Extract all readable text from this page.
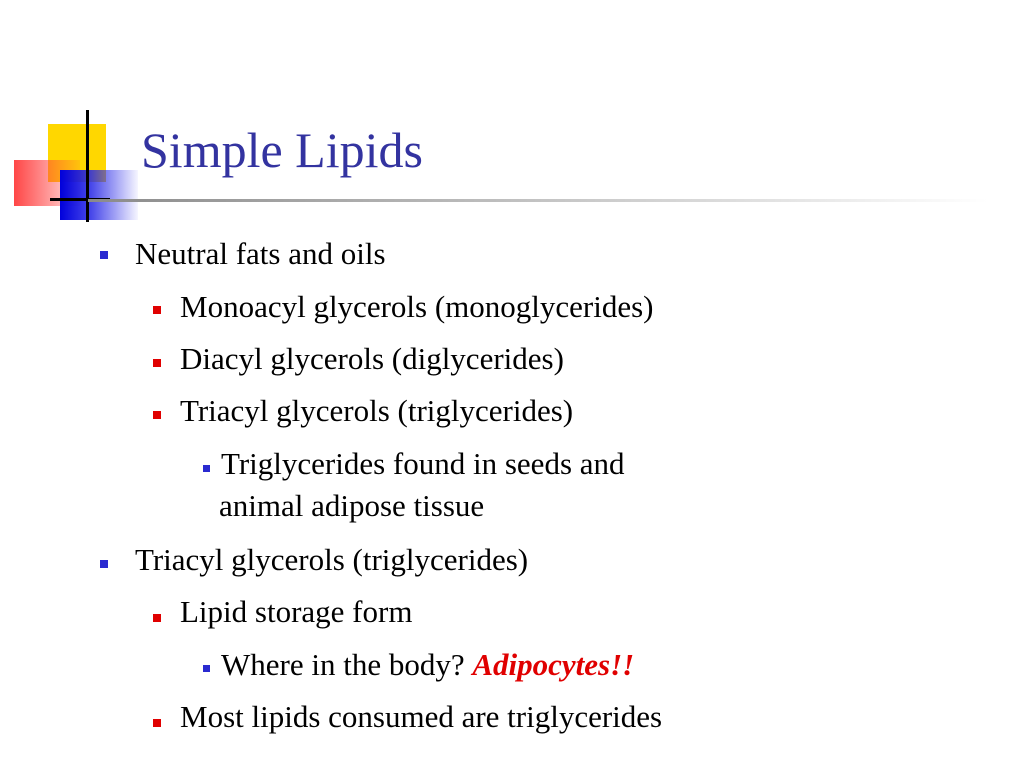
Simple Lipids
Neutral fats and oils
Monoacyl glycerols (monoglycerides)
Diacyl glycerols (diglycerides)
Triacyl glycerols (triglycerides)
Triglycerides found in seeds and
animal adipose tissue
Triacyl glycerols (triglycerides)
Lipid storage form
Where in the body? Adipocytes!!
Most lipids consumed are triglycerides
